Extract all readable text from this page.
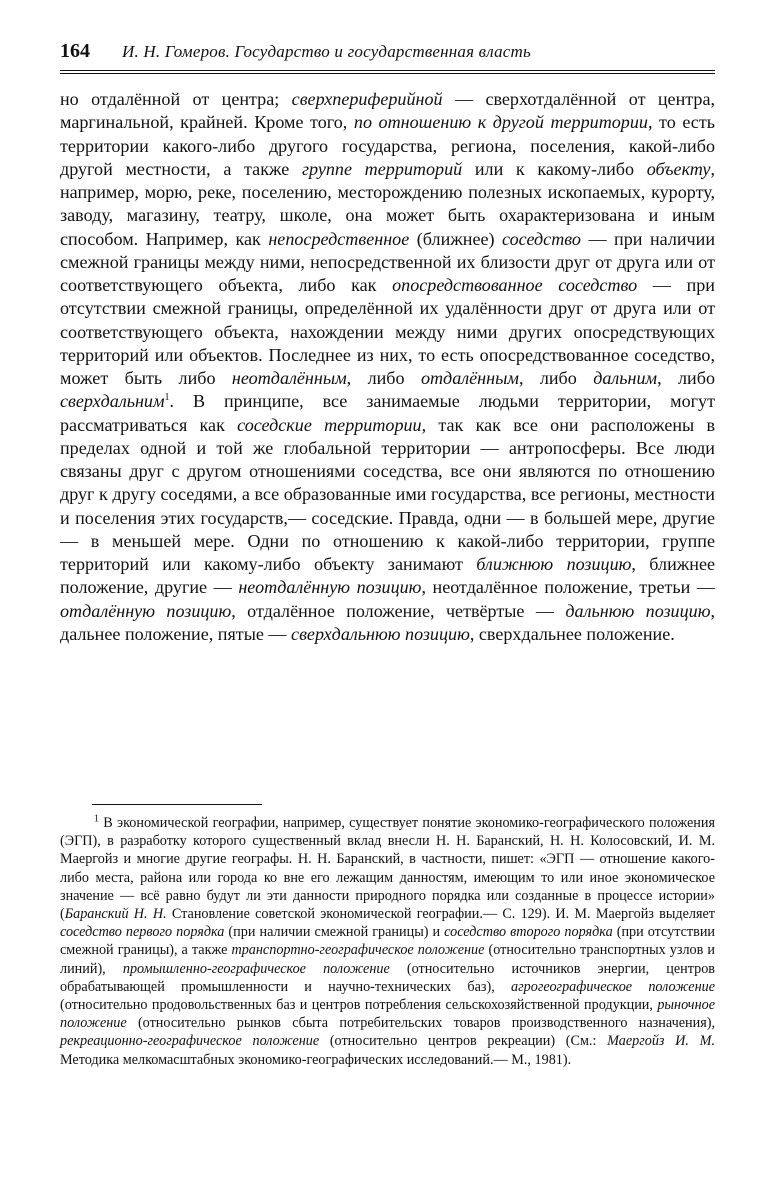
164 И. Н. Гомеров. Государство и государственная власть

но отдалённой от центра; сверхпериферийной — сверхотдалённой от центра, маргинальной, крайней. Кроме того, по отношению к другой территории, то есть территории какого-либо другого государства, региона, поселения, какой-либо другой местности, а также группе территорий или к какому-либо объекту, например, морю, реке, поселению, месторождению полезных ископаемых, курорту, заводу, магазину, театру, школе, она может быть охарактеризована и иным способом. Например, как непосредственное (ближнее) соседство — при наличии смежной границы между ними, непосредственной их близости друг от друга или от соответствующего объекта, либо как опосредствованное соседство — при отсутствии смежной границы, определённой их удалённости друг от друга или от соответствующего объекта, нахождении между ними других опосредствующих территорий или объектов. Последнее из них, то есть опосредствованное соседство, может быть либо неотдалённым, либо отдалённым, либо дальним, либо сверхдальним$^1$. В принципе, все занимаемые людьми территории, могут рассматриваться как соседские территории, так как все они расположены в пределах одной и той же глобальной территории — антропосферы. Все люди связаны друг с другом отношениями соседства, все они являются по отношению друг к другу соседями, а все образованные ими государства, все регионы, местности и поселения этих государств,— соседские. Правда, одни — в большей мере, другие — в меньшей мере. Одни по отношению к какой-либо территории, группе территорий или какому-либо объекту занимают ближнюю позицию, ближнее положение, другие — неотдалённую позицию, неотдалённое положение, третьи — отдалённую позицию, отдалённое положение, четвёртые — дальнюю позицию, дальнее положение, пятые — сверхдальнюю позицию, сверхдальнее положение.

$^1$ В экономической географии, например, существует понятие экономико-географического положения (ЭГП), в разработку которого существенный вклад внесли Н. Н. Баранский, Н. Н. Колосовский, И. М. Маергойз и многие другие географы. Н. Н. Баранский, в частности, пишет: «ЭГП — отношение какого-либо места, района или города ко вне его лежащим данностям, имеющим то или иное экономическое значение — всё равно будут ли эти данности природного порядка или созданные в процессе истории» (Баранский Н. Н. Становление советской экономической географии.— С. 129). И. М. Маергойз выделяет соседство первого порядка (при наличии смежной границы) и соседство второго порядка (при отсутствии смежной границы), а также транспортно-географическое положение (относительно транспортных узлов и линий), промышленно-географическое положение (относительно источников энергии, центров обрабатывающей промышленности и научно-технических баз), агрогеографическое положение (относительно продовольственных баз и центров потребления сельскохозяйственной продукции, рыночное положение (относительно рынков сбыта потребительских товаров производственного назначения), рекреационно-географическое положение (относительно центров рекреации) (См.: Маергойз И. М. Методика мелкомасштабных экономико-географических исследований.— М., 1981).
